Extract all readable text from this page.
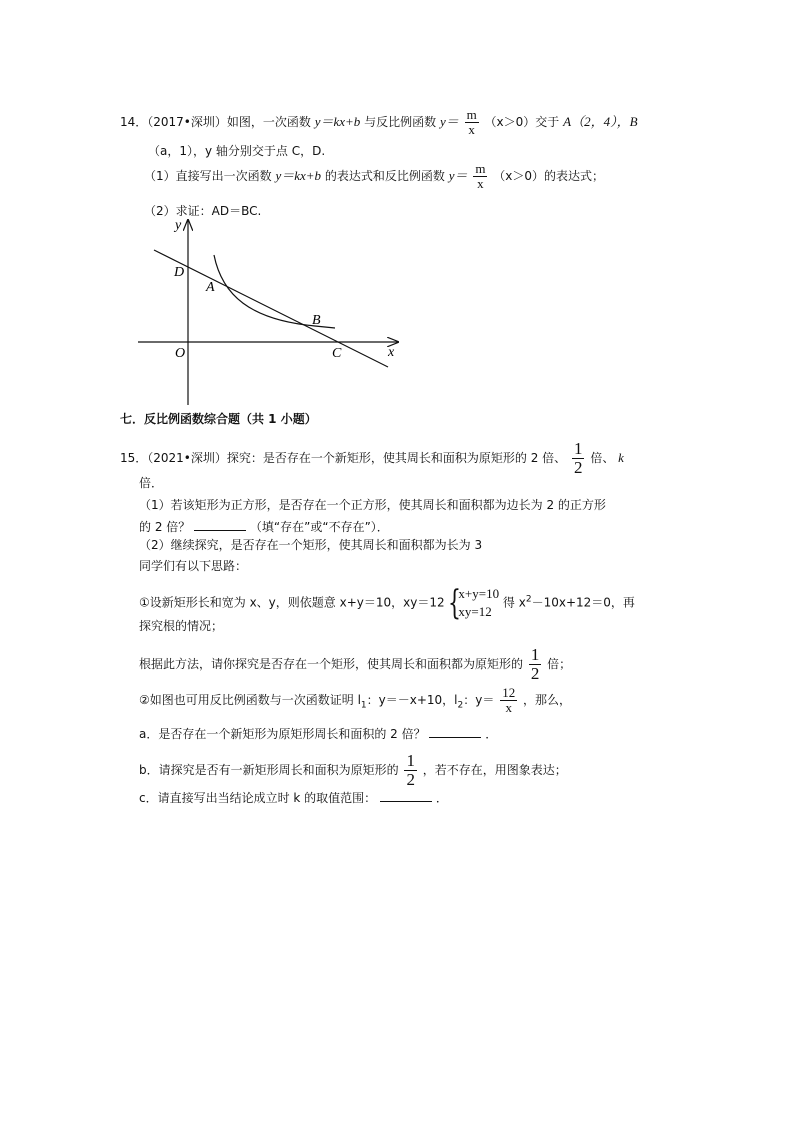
14．（2017•深圳）如图，一次函数 y＝kx+b 与反比例函数 $y= \frac{m}{x} (x>0)$交于 A（2，4），B
（a，1），y 轴分别交于点 C，D.
（1）直接写出一次函数 y＝kx+b 的表达式和反比例函数 $y= \frac{m}{x} (x>0)$的表达式；
（2）求证：AD＝BC.
y
x
D
A
B
O	C
七．反比例函数综合题（共 1 小题）
15．（2021•深圳）探究：是否存在一个新矩形，使其周长和面积为原矩形的 2 倍、 $\frac{1}{2}$ 倍、 k
倍．
（1）若该矩形为正方形，是否存在一个正方形，使其周长和面积都为边长为 2 的正方形
的 2 倍？	（填“存在”或“不存在”）．
（2）继续探究，是否存在一个矩形，使其周长和面积都为长为 3
同学们有以下思路：
①设新矩形长和宽为 x、y，则依题意 x+y＝10，xy＝12 {
x+y=10
xy=12
得 $x^2-10x+12=0$，再
探究根的情况；
根据此方法，请你探究是否存在一个矩形，使其周长和面积都为原矩形的 $\frac{1}{2}$ 倍；
②如图也可用反比例函数与一次函数证明 $l_1$：y＝－x+10，$l_2$：$y= \frac{12}{x}$ ，那么，
a．是否存在一个新矩形为原矩形周长和面积的 2 倍？	．
b．请探究是否有一新矩形周长和面积为原矩形的 $\frac{1}{2}$ ，若不存在，用图象表达；
c．请直接写出当结论成立时 k 的取值范围：	．
